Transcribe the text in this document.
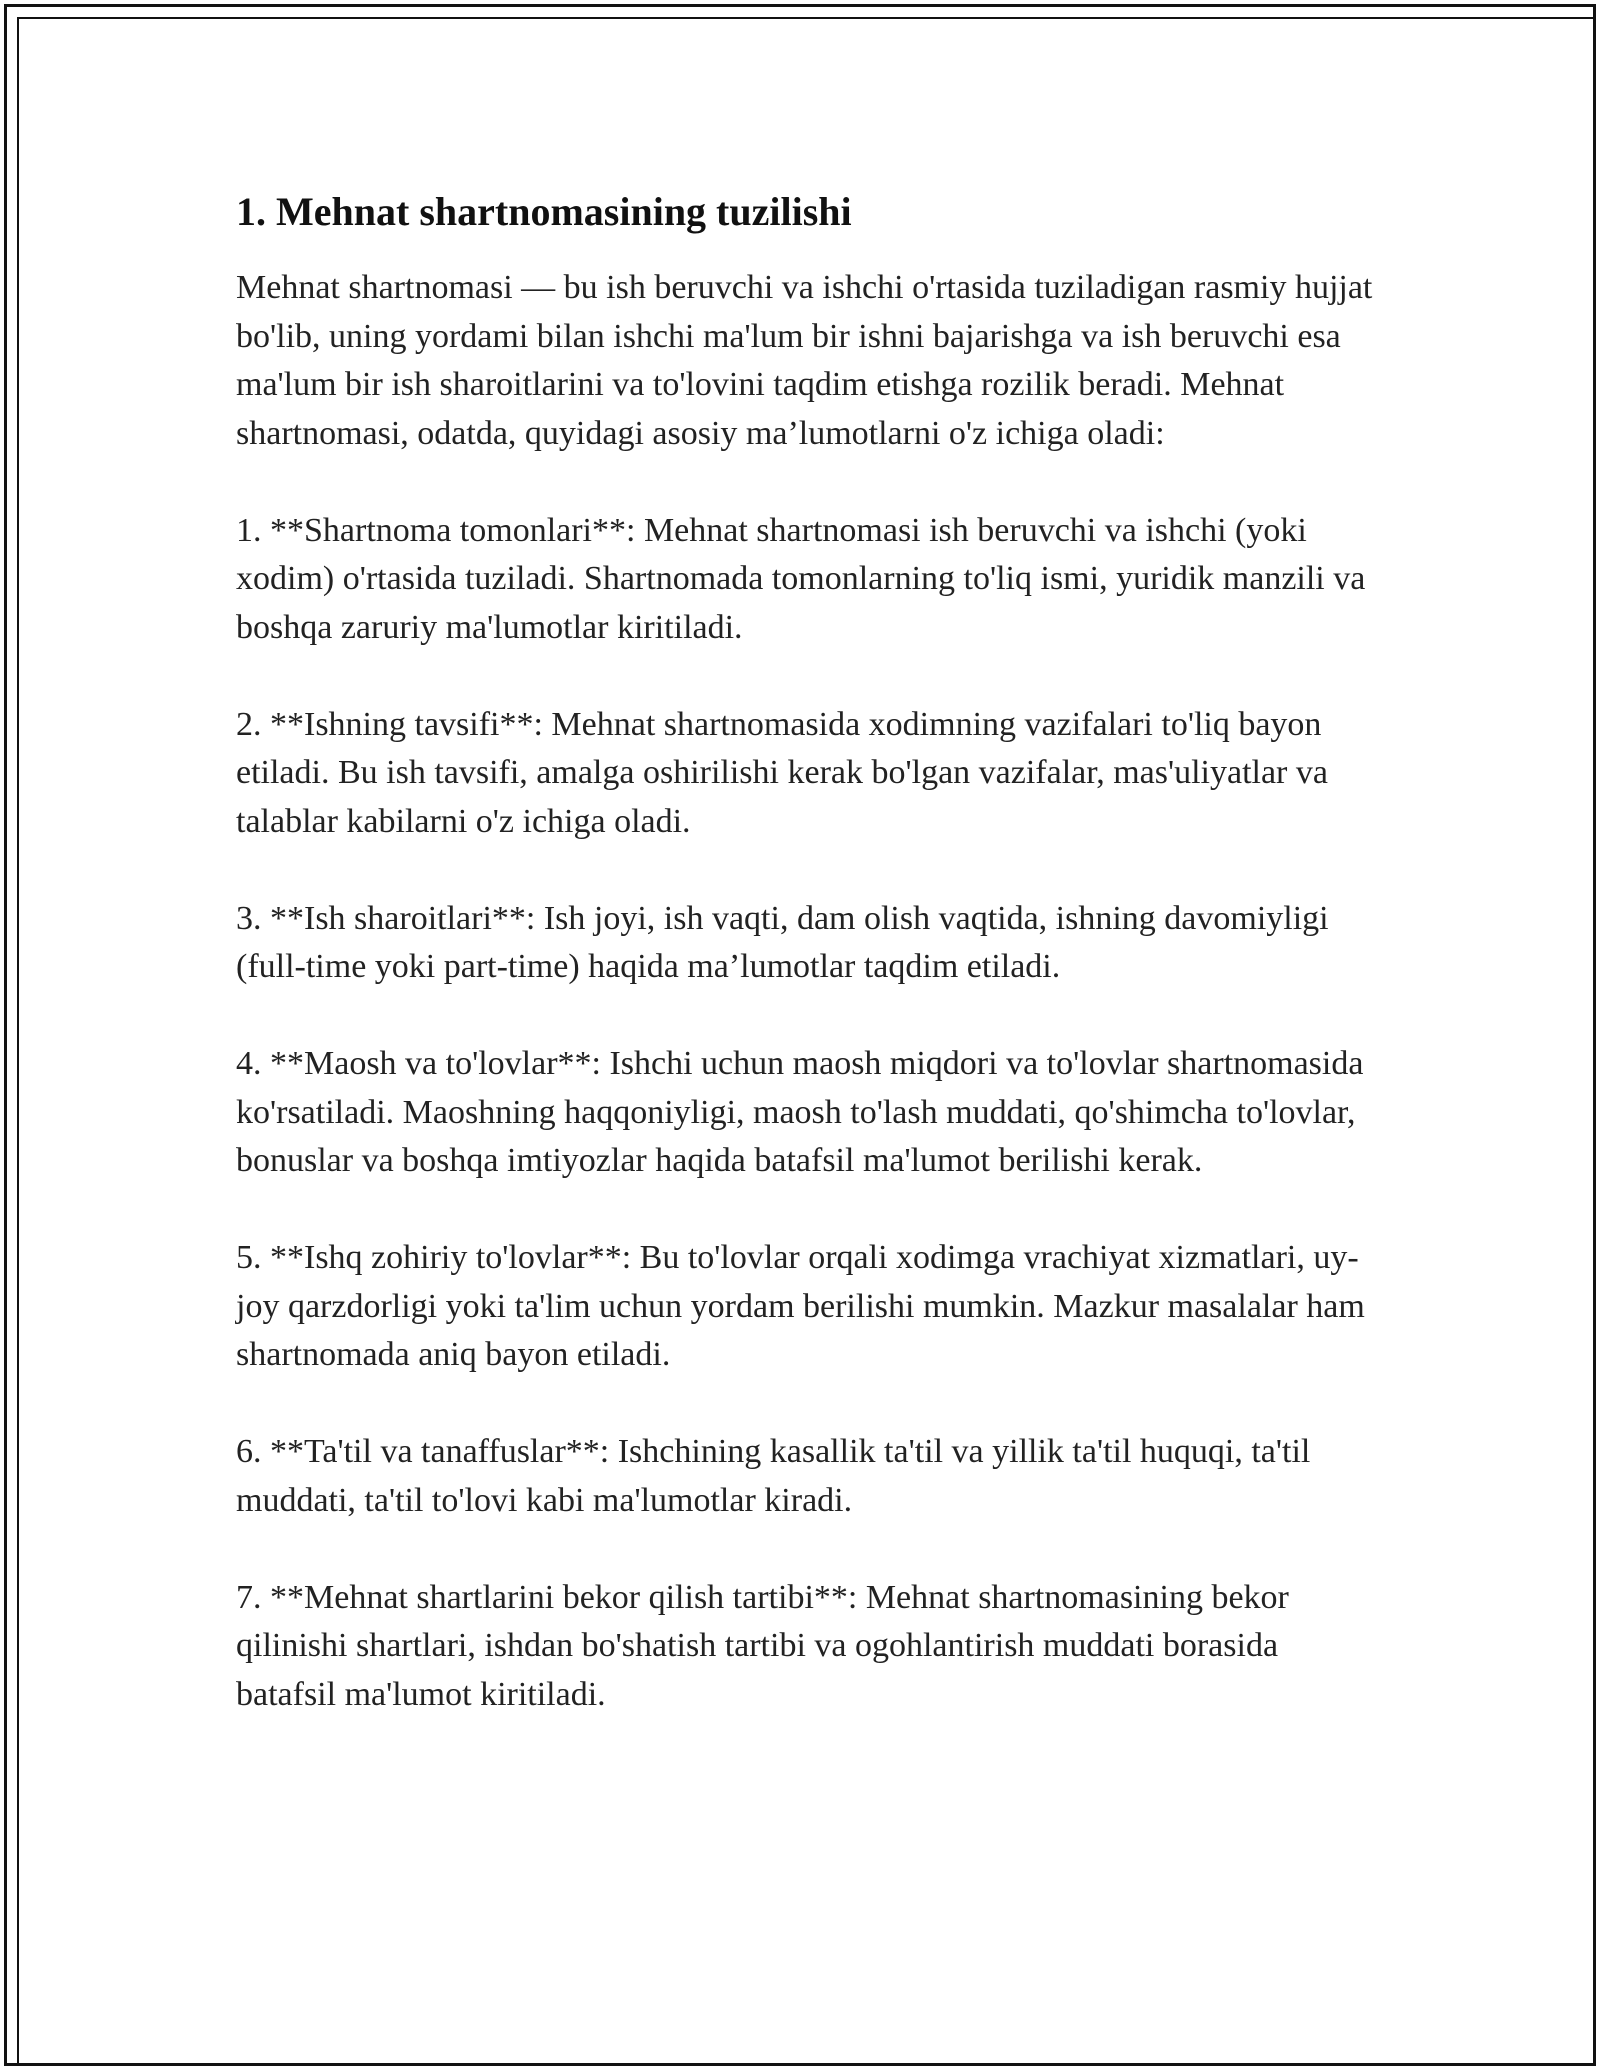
1. Mehnat shartnomasining tuzilishi

Mehnat shartnomasi — bu ish beruvchi va ishchi o'rtasida tuziladigan rasmiy hujjat bo'lib, uning yordami bilan ishchi ma'lum bir ishni bajarishga va ish beruvchi esa ma'lum bir ish sharoitlarini va to'lovini taqdim etishga rozilik beradi. Mehnat shartnomasi, odatda, quyidagi asosiy ma’lumotlarni o'z ichiga oladi:

1. **Shartnoma tomonlari**: Mehnat shartnomasi ish beruvchi va ishchi (yoki xodim) o'rtasida tuziladi. Shartnomada tomonlarning to'liq ismi, yuridik manzili va boshqa zaruriy ma'lumotlar kiritiladi.

2. **Ishning tavsifi**: Mehnat shartnomasida xodimning vazifalari to'liq bayon etiladi. Bu ish tavsifi, amalga oshirilishi kerak bo'lgan vazifalar, mas'uliyatlar va talablar kabilarni o'z ichiga oladi.

3. **Ish sharoitlari**: Ish joyi, ish vaqti, dam olish vaqtida, ishning davomiyligi (full-time yoki part-time) haqida ma’lumotlar taqdim etiladi.

4. **Maosh va to'lovlar**: Ishchi uchun maosh miqdori va to'lovlar shartnomasida ko'rsatiladi. Maoshning haqqoniyligi, maosh to'lash muddati, qo'shimcha to'lovlar, bonuslar va boshqa imtiyozlar haqida batafsil ma'lumot berilishi kerak.

5. **Ishq zohiriy to'lovlar**: Bu to'lovlar orqali xodimga vrachiyat xizmatlari, uy-joy qarzdorligi yoki ta'lim uchun yordam berilishi mumkin. Mazkur masalalar ham shartnomada aniq bayon etiladi.

6. **Ta'til va tanaffuslar**: Ishchining kasallik ta'til va yillik ta'til huquqi, ta'til muddati, ta'til to'lovi kabi ma'lumotlar kiradi.

7. **Mehnat shartlarini bekor qilish tartibi**: Mehnat shartnomasining bekor qilinishi shartlari, ishdan bo'shatish tartibi va ogohlantirish muddati borasida batafsil ma'lumot kiritiladi.
